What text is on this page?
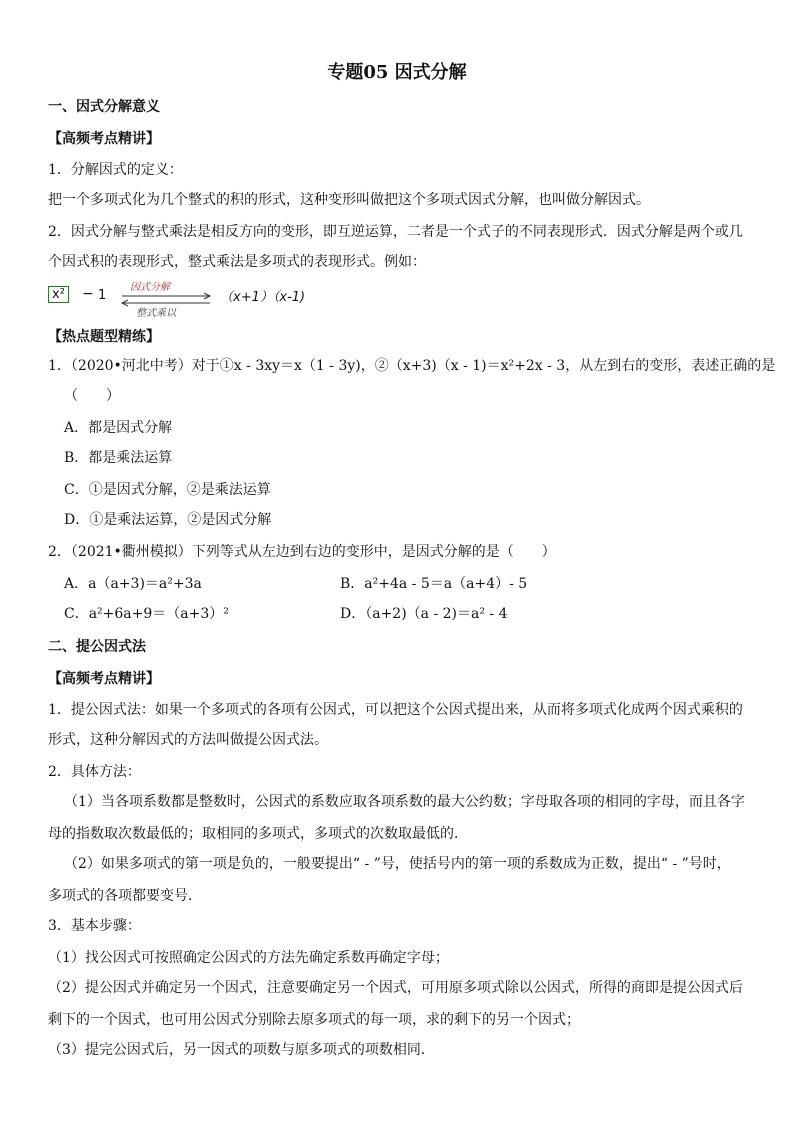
专题05 因式分解
一、因式分解意义
【高频考点精讲】
1．分解因式的定义：
把一个多项式化为几个整式的积的形式，这种变形叫做把这个多项式因式分解，也叫做分解因式。
2．因式分解与整式乘法是相反方向的变形，即互逆运算，二者是一个式子的不同表现形式．因式分解是两个或几
个因式积的表现形式，整式乘法是多项式的表现形式。例如：
x² − 1
因式分解
整式乘以
（x+1）（x-1)
【热点题型精练】
1．（2020•河北中考）对于①x - 3xy＝x（1 - 3y)，②（x+3)（x - 1)＝x²+2x - 3，从左到右的变形，表述正确的是
（　　）
A．都是因式分解
B．都是乘法运算
C．①是因式分解，②是乘法运算
D．①是乘法运算，②是因式分解
2．（2021•衢州模拟）下列等式从左边到右边的变形中，是因式分解的是（　　）
A．a（a+3)＝a²+3a	B．a²+4a - 5＝a（a+4）- 5
C．a²+6a+9＝（a+3）²	D．（a+2)（a - 2)＝a² - 4
二、提公因式法
【高频考点精讲】
1．提公因式法：如果一个多项式的各项有公因式，可以把这个公因式提出来，从而将多项式化成两个因式乘积的
形式，这种分解因式的方法叫做提公因式法。
2．具体方法：
（1）当各项系数都是整数时，公因式的系数应取各项系数的最大公约数；字母取各项的相同的字母，而且各字
母的指数取次数最低的；取相同的多项式，多项式的次数取最低的．
（2）如果多项式的第一项是负的，一般要提出“ - ”号，使括号内的第一项的系数成为正数，提出“ - ”号时，
多项式的各项都要变号．
3．基本步骤：
（1）找公因式可按照确定公因式的方法先确定系数再确定字母；
（2）提公因式并确定另一个因式，注意要确定另一个因式，可用原多项式除以公因式，所得的商即是提公因式后
剩下的一个因式，也可用公因式分别除去原多项式的每一项，求的剩下的另一个因式；
（3）提完公因式后，另一因式的项数与原多项式的项数相同．
